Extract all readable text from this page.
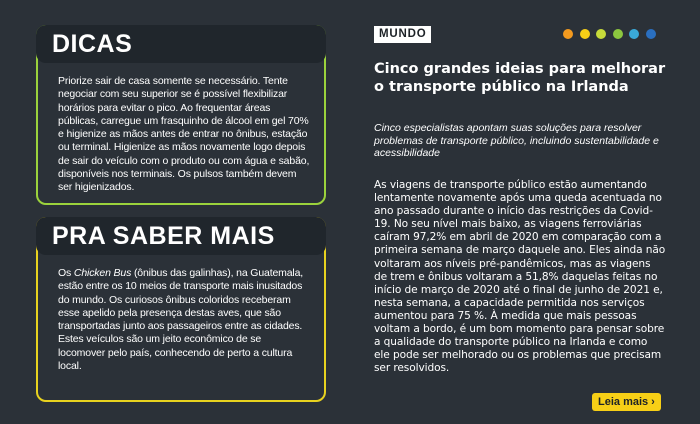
DICAS
Priorize sair de casa somente se necessário. Tente negociar com seu superior se é possível flexibilizar horários para evitar o pico. Ao frequentar áreas públicas, carregue um frasquinho de álcool em gel 70% e higienize as mãos antes de entrar no ônibus, estação ou terminal. Higienize as mãos novamente logo depois de sair do veículo com o produto ou com água e sabão, disponíveis nos terminais. Os pulsos também devem ser higienizados.
PRA SABER MAIS
Os Chicken Bus (ônibus das galinhas), na Guatemala, estão entre os 10 meios de transporte mais inusitados do mundo. Os curiosos ônibus coloridos receberam esse apelido pela presença destas aves, que são transportadas junto aos passageiros entre as cidades. Estes veículos são um jeito econômico de se locomover pelo país, conhecendo de perto a cultura local.
MUNDO
Cinco grandes ideias para melhorar o transporte público na Irlanda
Cinco especialistas apontam suas soluções para resolver problemas de transporte público, incluindo sustentabilidade e acessibilidade
As viagens de transporte público estão aumentando lentamente novamente após uma queda acentuada no ano passado durante o início das restrições da Covid-19. No seu nível mais baixo, as viagens ferroviárias caíram 97,2% em abril de 2020 em comparação com a primeira semana de março daquele ano. Eles ainda não voltaram aos níveis pré-pandêmicos, mas as viagens de trem e ônibus voltaram a 51,8% daquelas feitas no início de março de 2020 até o final de junho de 2021 e, nesta semana, a capacidade permitida nos serviços aumentou para 75 %. À medida que mais pessoas voltam a bordo, é um bom momento para pensar sobre a qualidade do transporte público na Irlanda e como ele pode ser melhorado ou os problemas que precisam ser resolvidos.
Leia mais ›
